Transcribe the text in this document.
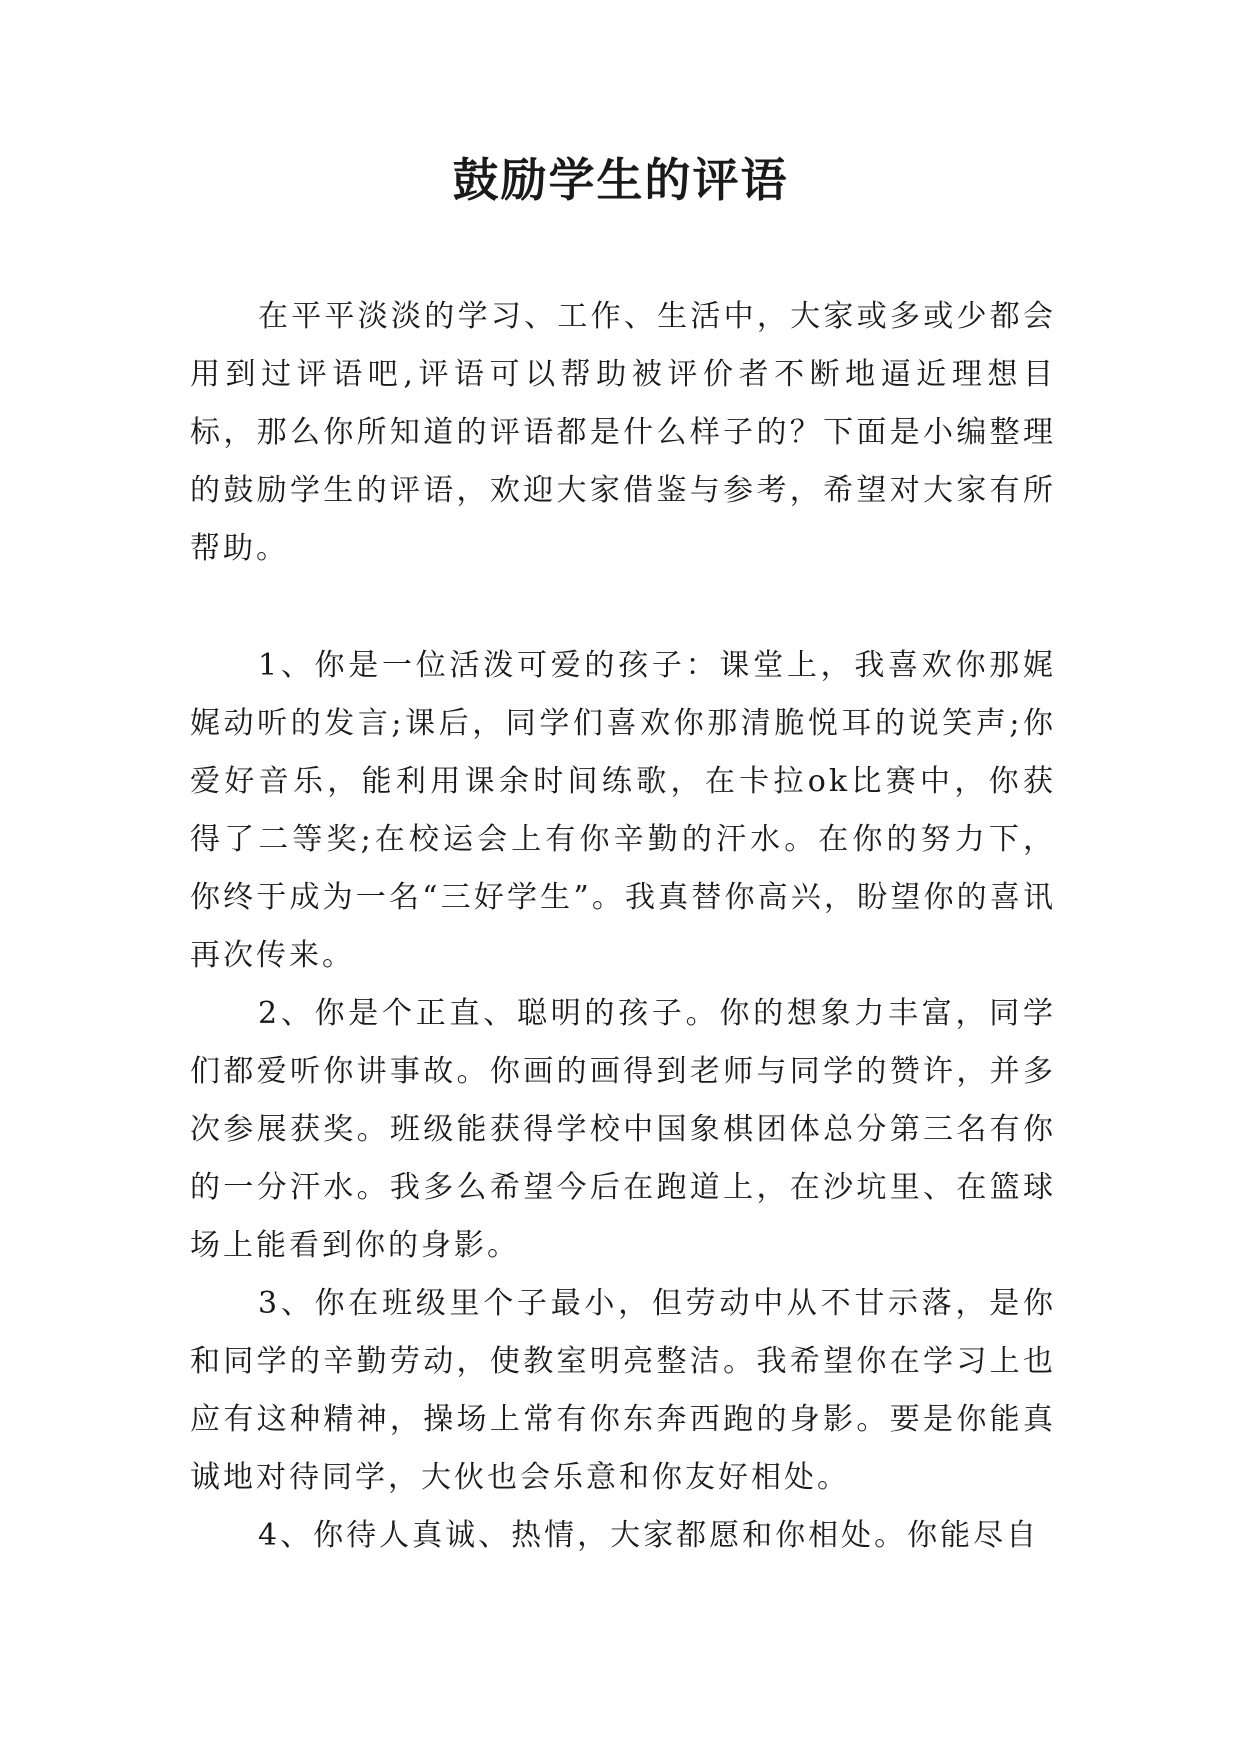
鼓励学生的评语

在平平淡淡的学习、工作、生活中，大家或多或少都会用到过评语吧,评语可以帮助被评价者不断地逼近理想目标，那么你所知道的评语都是什么样子的？下面是小编整理的鼓励学生的评语，欢迎大家借鉴与参考，希望对大家有所帮助。

1、你是一位活泼可爱的孩子：课堂上，我喜欢你那娓娓动听的发言;课后，同学们喜欢你那清脆悦耳的说笑声;你爱好音乐，能利用课余时间练歌，在卡拉ok比赛中，你获得了二等奖;在校运会上有你辛勤的汗水。在你的努力下，你终于成为一名“三好学生”。我真替你高兴，盼望你的喜讯再次传来。

2、你是个正直、聪明的孩子。你的想象力丰富，同学们都爱听你讲事故。你画的画得到老师与同学的赞许，并多次参展获奖。班级能获得学校中国象棋团体总分第三名有你的一分汗水。我多么希望今后在跑道上，在沙坑里、在篮球场上能看到你的身影。

3、你在班级里个子最小，但劳动中从不甘示落，是你和同学的辛勤劳动，使教室明亮整洁。我希望你在学习上也应有这种精神，操场上常有你东奔西跑的身影。要是你能真诚地对待同学，大伙也会乐意和你友好相处。

4、你待人真诚、热情，大家都愿和你相处。你能尽自
